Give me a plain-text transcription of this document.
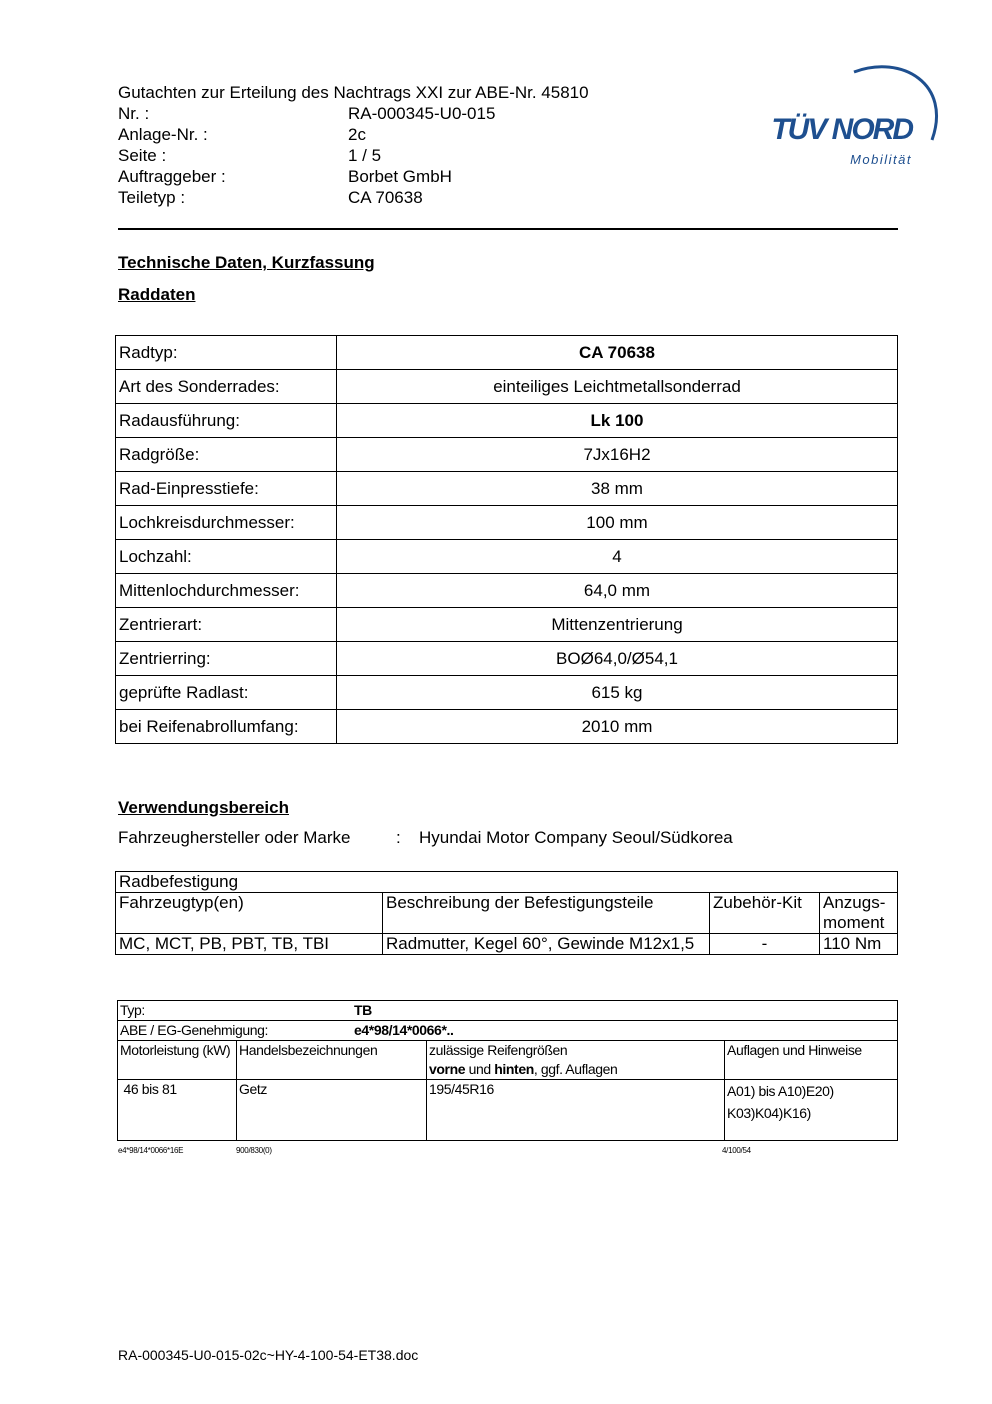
Gutachten zur Erteilung des Nachtrags XXI zur ABE-Nr. 45810
Nr. :	RA-000345-U0-015
Anlage-Nr. :	2c
Seite :	1 / 5
Auftraggeber :	Borbet GmbH
Teiletyp :	CA 70638
TÜV NORD
Mobilität
Technische Daten, Kurzfassung
Raddaten
Radtyp:	CA 70638
Art des Sonderrades:	einteiliges Leichtmetallsonderrad
Radausführung:	Lk 100
Radgröße:	7Jx16H2
Rad-Einpresstiefe:	38 mm
Lochkreisdurchmesser:	100 mm
Lochzahl:	4
Mittenlochdurchmesser:	64,0 mm
Zentrierart:	Mittenzentrierung
Zentrierring:	BOØ64,0/Ø54,1
geprüfte Radlast:	615 kg
bei Reifenabrollumfang:	2010 mm
Verwendungsbereich
Fahrzeughersteller oder Marke	:	Hyundai Motor Company Seoul/Südkorea
Radbefestigung			
Fahrzeugtyp(en)	Beschreibung der Befestigungsteile	Zubehör-Kit	Anzugs-moment
MC, MCT, PB, PBT, TB, TBI	Radmutter, Kegel 60°, Gewinde M12x1,5	-	110 Nm
Typ: TB			
ABE / EG-Genehmigung: e4*98/14*0066*..			
Motorleistung (kW)	Handelsbezeichnungen	zulässige Reifengrößen
vorne und hinten, ggf. Auflagen	Auflagen und Hinweise
46 bis 81	Getz	195/45R16	A01) bis A10)E20)
K03)K04)K16)
e4*98/14*0066*16E	900/830(0)	4/100/54
RA-000345-U0-015-02c~HY-4-100-54-ET38.doc
